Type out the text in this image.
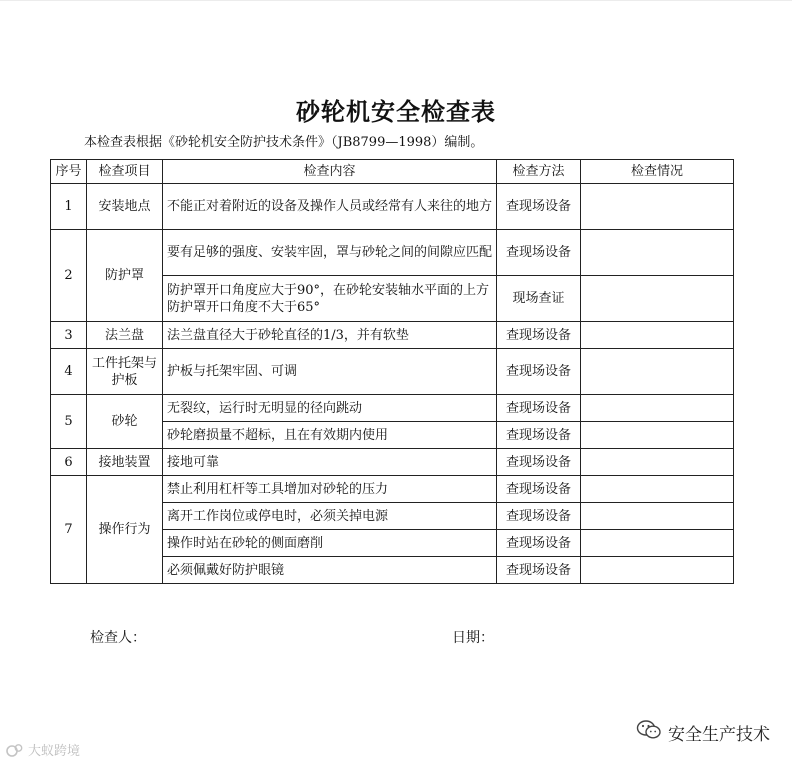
砂轮机安全检查表
本检查表根据《砂轮机安全防护技术条件》（JB8799—1998）编制。
序号	检查项目	检查内容	检查方法	检查情况
1	安装地点	不能正对着附近的设备及操作人员或经常有人来往的地方	查现场设备	
2	防护罩	要有足够的强度、安装牢固，罩与砂轮之间的间隙应匹配	查现场设备	
		防护罩开口角度应大于90°，在砂轮安装轴水平面的上方防护罩开口角度不大于65°	现场查证	
3	法兰盘	法兰盘直径大于砂轮直径的1/3，并有软垫	查现场设备	
4	工件托架与护板	护板与托架牢固、可调	查现场设备	
5	砂轮	无裂纹，运行时无明显的径向跳动	查现场设备	
		砂轮磨损量不超标，且在有效期内使用	查现场设备	
6	接地装置	接地可靠	查现场设备	
7	操作行为	禁止利用杠杆等工具增加对砂轮的压力	查现场设备	
		离开工作岗位或停电时，必须关掉电源	查现场设备	
		操作时站在砂轮的侧面磨削	查现场设备	
		必须佩戴好防护眼镜	查现场设备	
检查人：	日期：
大蚁跨境
安全生产技术
